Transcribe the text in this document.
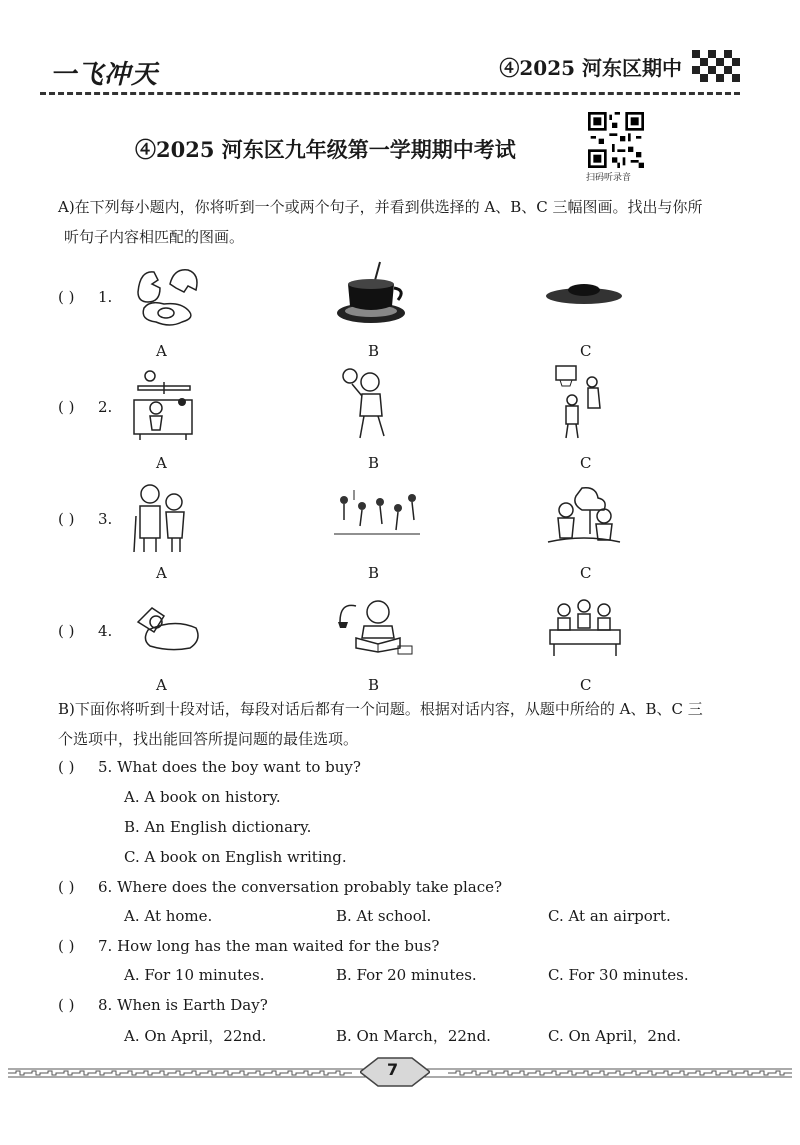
一飞冲天	④2025 河东区期中
④2025 河东区九年级第一学期期中考试
扫码听录音
A)在下列每小题内，你将听到一个或两个句子，并看到供选择的 A、B、C 三幅图画。找出与你所
听句子内容相匹配的图画。
( ) 1.
A	B	C
( ) 2.
A	B	C
( ) 3.
A	B	C
( ) 4.
A	B	C
B)下面你将听到十段对话，每段对话后都有一个问题。根据对话内容，从题中所给的 A、B、C 三
个选项中，找出能回答所提问题的最佳选项。
( ) 5. What does the boy want to buy?
A. A book on history.
B. An English dictionary.
C. A book on English writing.
( ) 6. Where does the conversation probably take place?
A. At home.	B. At school.	C. At an airport.
( ) 7. How long has the man waited for the bus?
A. For 10 minutes.	B. For 20 minutes.	C. For 30 minutes.
( ) 8. When is Earth Day?
A. On April，22nd.	B. On March，22nd.	C. On April，2nd.
7
